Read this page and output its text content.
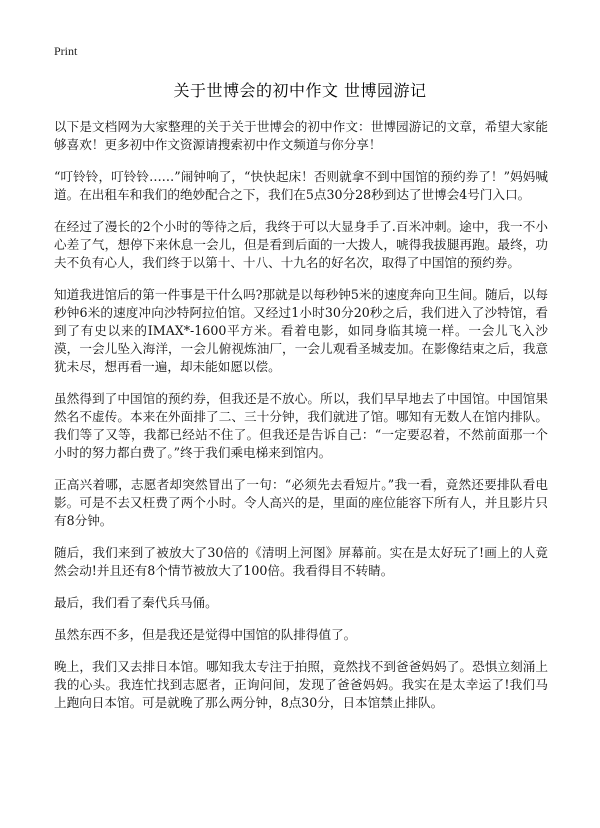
Print
关于世博会的初中作文 世博园游记

以下是文档网为大家整理的关于关于世博会的初中作文：世博园游记的文章，希望大家能够喜欢！更多初中作文资源请搜索初中作文频道与你分享！

“叮铃铃，叮铃铃……”闹钟响了，“快快起床！否则就拿不到中国馆的预约券了！”妈妈喊道。在出租车和我们的绝妙配合之下，我们在5点30分28秒到达了世博会4号门入口。

在经过了漫长的2个小时的等待之后，我终于可以大显身手了.百米冲刺。途中，我一不小心差了气，想停下来休息一会儿，但是看到后面的一大拨人，唬得我拔腿再跑。最终，功夫不负有心人，我们终于以第十、十八、十九名的好名次，取得了中国馆的预约券。

知道我进馆后的第一件事是干什么吗?那就是以每秒钟5米的速度奔向卫生间。随后，以每秒钟6米的速度冲向沙特阿拉伯馆。又经过1小时30分20秒之后，我们进入了沙特馆，看到了有史以来的IMAX*-1600平方米。看着电影，如同身临其境一样。一会儿飞入沙漠，一会儿坠入海洋，一会儿俯视炼油厂，一会儿观看圣城麦加。在影像结束之后，我意犹未尽，想再看一遍，却未能如愿以偿。

虽然得到了中国馆的预约券，但我还是不放心。所以，我们早早地去了中国馆。中国馆果然名不虚传。本来在外面排了二、三十分钟，我们就进了馆。哪知有无数人在馆内排队。我们等了又等，我都已经站不住了。但我还是告诉自己：“一定要忍着，不然前面那一个小时的努力都白费了。”终于我们乘电梯来到馆内。

正高兴着哪，志愿者却突然冒出了一句：“必须先去看短片。”我一看，竟然还要排队看电影。可是不去又枉费了两个小时。令人高兴的是，里面的座位能容下所有人，并且影片只有8分钟。

随后，我们来到了被放大了30倍的《清明上河图》屏幕前。实在是太好玩了!画上的人竟然会动!并且还有8个情节被放大了100倍。我看得目不转睛。

最后，我们看了秦代兵马俑。

虽然东西不多，但是我还是觉得中国馆的队排得值了。

晚上，我们又去排日本馆。哪知我太专注于拍照，竟然找不到爸爸妈妈了。恐惧立刻涌上我的心头。我连忙找到志愿者，正询问间，发现了爸爸妈妈。我实在是太幸运了!我们马上跑向日本馆。可是就晚了那么两分钟，8点30分，日本馆禁止排队。
